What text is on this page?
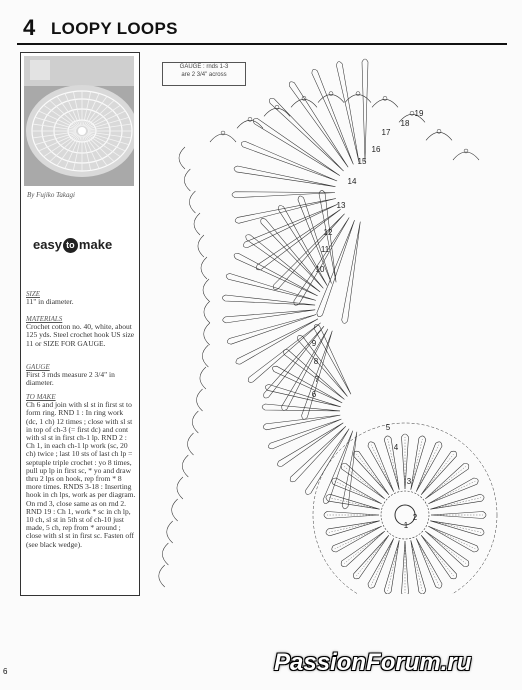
4 LOOPY LOOPS
By Fujiko Takagi
easy to make
SIZE
11" in diameter.
MATERIALS
Crochet cotton no. 40, white, about 125 yds. Steel crochet hook US size 11 or SIZE FOR GAUGE.
GAUGE
First 3 rnds measure 2 3/4" in diameter.
TO MAKE
Ch 6 and join with sl st in first st to form ring. RND 1 : In ring work (dc, 1 ch) 12 times ; close with sl st in top of ch-3 (= first dc) and cont with sl st in first ch-1 lp. RND 2 : Ch 1, in each ch-1 lp work (sc, 20 ch) twice ; last 10 sts of last ch lp = septuple triple crochet : yo 8 times, pull up lp in first sc, * yo and draw thru 2 lps on hook, rep from * 8 more times. RNDS 3-18 : Inserting hook in ch lps, work as per diagram. On rnd 3, close same as on rnd 2. RND 19 : Ch 1, work * sc in ch lp, 10 ch, sl st in 5th st of ch-10 just made, 5 ch, rep from * around ; close with sl st in first sc. Fasten off (see black wedge).
GAUGE : rnds 1-3
are 2 3/4" across
1
2
3
4
5
6
7
8
9
10
11
12
13
14
15
16
17
18
19
6	PassionForum.ru
